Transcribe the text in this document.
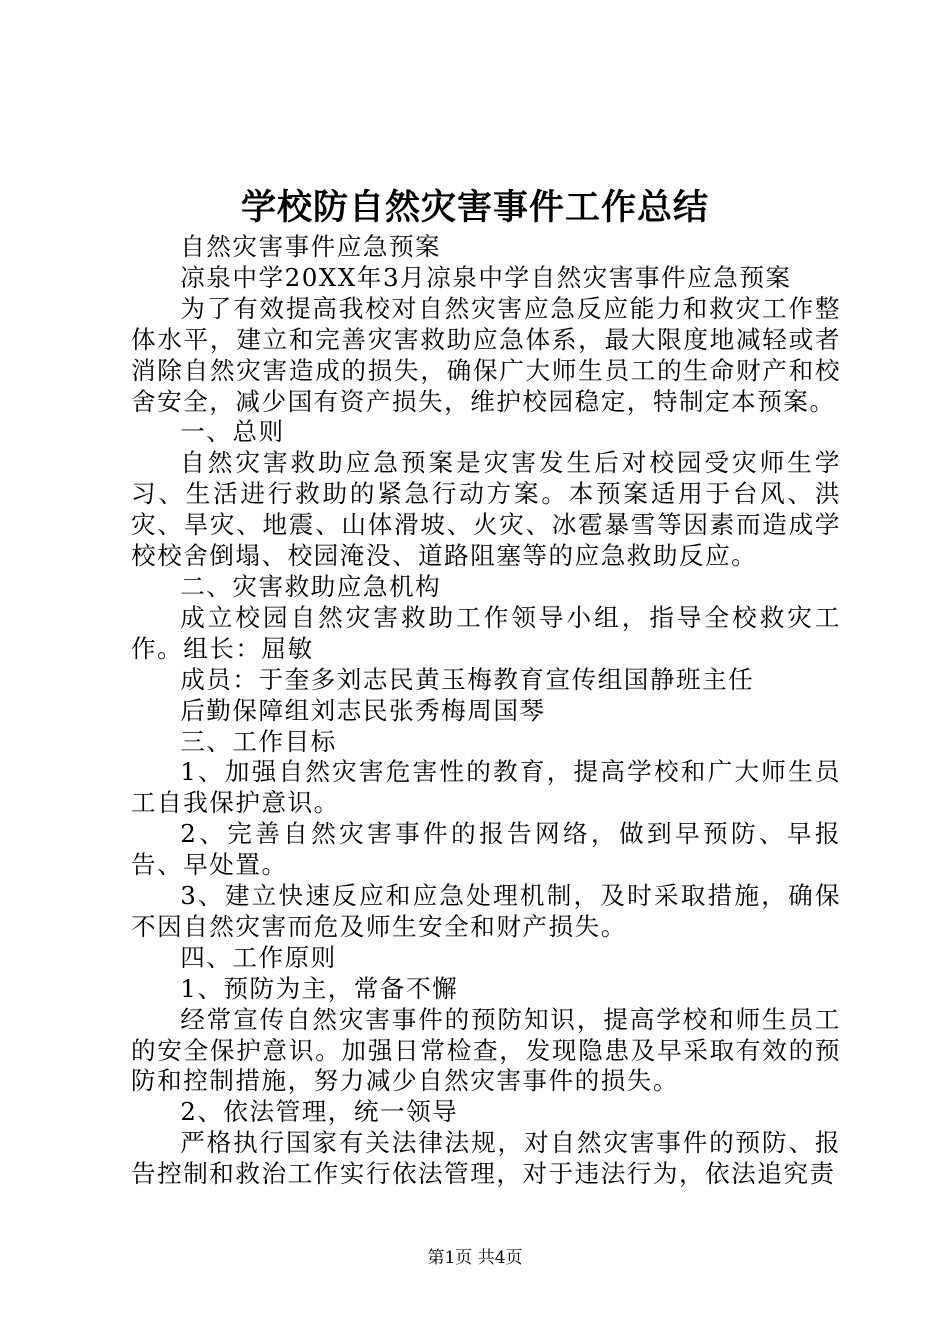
学校防自然灾害事件工作总结

自然灾害事件应急预案

凉泉中学20XX年3月凉泉中学自然灾害事件应急预案

为了有效提高我校对自然灾害应急反应能力和救灾工作整体水平，建立和完善灾害救助应急体系，最大限度地减轻或者消除自然灾害造成的损失，确保广大师生员工的生命财产和校舍安全，减少国有资产损失，维护校园稳定，特制定本预案。

一、总则

自然灾害救助应急预案是灾害发生后对校园受灾师生学习、生活进行救助的紧急行动方案。本预案适用于台风、洪灾、旱灾、地震、山体滑坡、火灾、冰雹暴雪等因素而造成学校校舍倒塌、校园淹没、道路阻塞等的应急救助反应。

二、灾害救助应急机构

成立校园自然灾害救助工作领导小组，指导全校救灾工作。组长：屈敏

成员：于奎多刘志民黄玉梅教育宣传组国静班主任

后勤保障组刘志民张秀梅周国琴

三、工作目标

1、加强自然灾害危害性的教育，提高学校和广大师生员工自我保护意识。

2、完善自然灾害事件的报告网络，做到早预防、早报告、早处置。

3、建立快速反应和应急处理机制，及时采取措施，确保不因自然灾害而危及师生安全和财产损失。

四、工作原则

1、预防为主，常备不懈

经常宣传自然灾害事件的预防知识，提高学校和师生员工的安全保护意识。加强日常检查，发现隐患及早采取有效的预防和控制措施，努力减少自然灾害事件的损失。

2、依法管理，统一领导

严格执行国家有关法律法规，对自然灾害事件的预防、报告控制和救治工作实行依法管理，对于违法行为，依法追究责

第1页 共4页
